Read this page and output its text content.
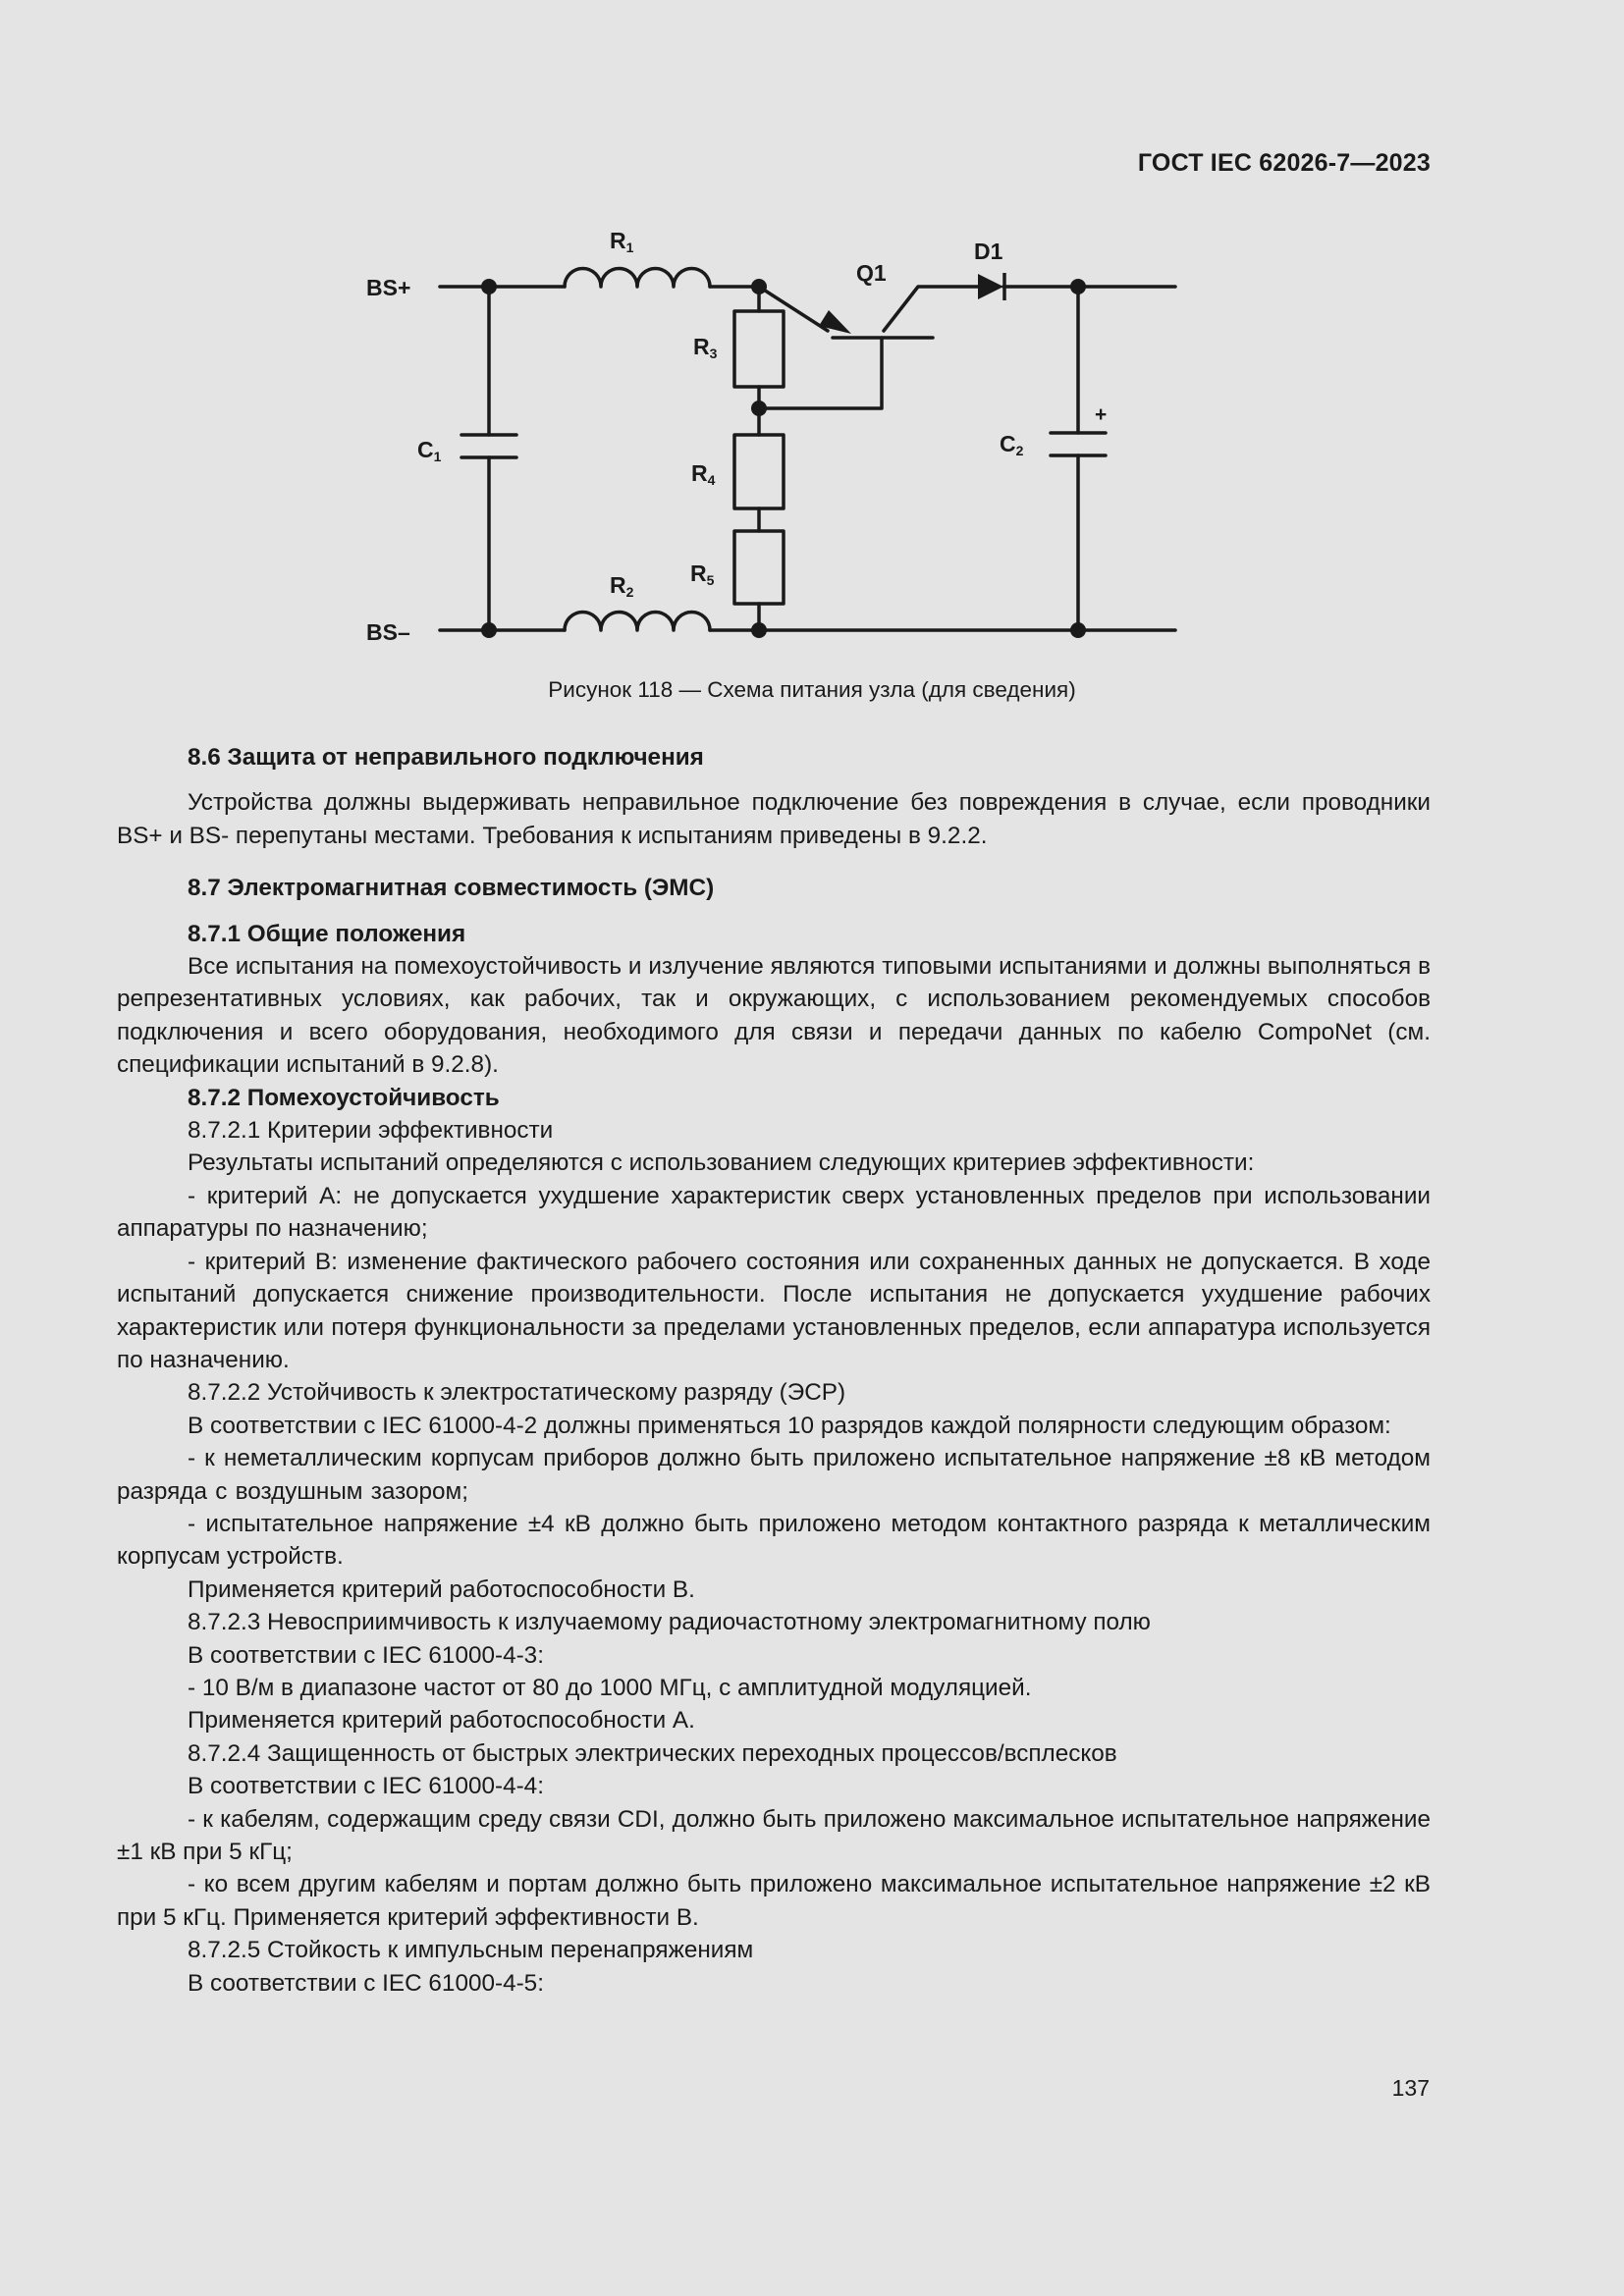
ГОСТ IEC 62026-7—2023
BS+
BS–
R1
R2
R3
R4
R5
C1	C2
Q1
D1
+
Рисунок 118 — Схема питания узла (для сведения)

8.6 Защита от неправильного подключения

Устройства должны выдерживать неправильное подключение без повреждения в случае, если проводники BS+ и BS- перепутаны местами. Требования к испытаниям приведены в 9.2.2.

8.7 Электромагнитная совместимость (ЭМС)

8.7.1 Общие положения

Все испытания на помехоустойчивость и излучение являются типовыми испытаниями и должны выполняться в репрезентативных условиях, как рабочих, так и окружающих, с использованием рекомендуемых способов подключения и всего оборудования, необходимого для связи и передачи данных по кабелю CompoNet (см. спецификации испытаний в 9.2.8).

8.7.2 Помехоустойчивость

8.7.2.1 Критерии эффективности

Результаты испытаний определяются с использованием следующих критериев эффективности:

- критерий А: не допускается ухудшение характеристик сверх установленных пределов при использовании аппаратуры по назначению;

- критерий В: изменение фактического рабочего состояния или сохраненных данных не допускается. В ходе испытаний допускается снижение производительности. После испытания не допускается ухудшение рабочих характеристик или потеря функциональности за пределами установленных пределов, если аппаратура используется по назначению.

8.7.2.2 Устойчивость к электростатическому разряду (ЭСР)

В соответствии с IEC 61000-4-2 должны применяться 10 разрядов каждой полярности следующим образом:

- к неметаллическим корпусам приборов должно быть приложено испытательное напряжение ±8 кВ методом разряда с воздушным зазором;

- испытательное напряжение ±4 кВ должно быть приложено методом контактного разряда к металлическим корпусам устройств.

Применяется критерий работоспособности В.

8.7.2.3 Невосприимчивость к излучаемому радиочастотному электромагнитному полю

В соответствии с IEC 61000-4-3:

- 10 В/м в диапазоне частот от 80 до 1000 МГц, с амплитудной модуляцией.

Применяется критерий работоспособности А.

8.7.2.4 Защищенность от быстрых электрических переходных процессов/всплесков

В соответствии с IEC 61000-4-4:

- к кабелям, содержащим среду связи CDI, должно быть приложено максимальное испытательное напряжение ±1 кВ при 5 кГц;

- ко всем другим кабелям и портам должно быть приложено максимальное испытательное напряжение ±2 кВ при 5 кГц. Применяется критерий эффективности В.

8.7.2.5 Стойкость к импульсным перенапряжениям

В соответствии с IEC 61000-4-5:

137
